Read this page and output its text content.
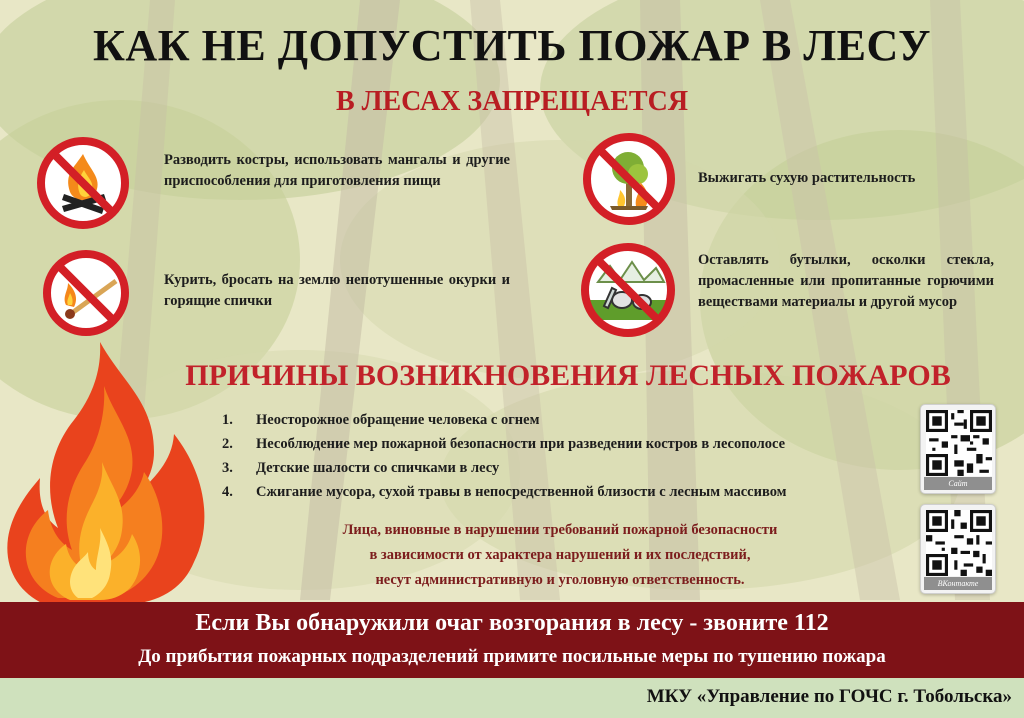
КАК НЕ ДОПУСТИТЬ ПОЖАР В ЛЕСУ
В ЛЕСАХ ЗАПРЕЩАЕТСЯ
Разводить костры, использовать мангалы и другие приспособления для приготовления пищи	Выжигать сухую растительность
Курить, бросать на землю непотушенные окурки и горящие спички
Оставлять бутылки, осколки стекла, промасленные или пропитанные горючими веществами материалы и другой мусор
ПРИЧИНЫ ВОЗНИКНОВЕНИЯ ЛЕСНЫХ ПОЖАРОВ
1. Неосторожное обращение человека с огнем
2. Несоблюдение мер пожарной безопасности при разведении костров в лесополосе
3. Детские шалости со спичками в лесу
4. Сжигание мусора, сухой травы в непосредственной близости с лесным массивом
Лица, виновные в нарушении требований пожарной безопасности
в зависимости от характера нарушений и их последствий,
несут административную и уголовную ответственность.
Сайт
ВКонтакте
Если Вы обнаружили очаг возгорания в лесу - звоните 112
До прибытия пожарных подразделений примите посильные меры по тушению пожара
МКУ «Управление по ГОЧС г. Тобольска»
